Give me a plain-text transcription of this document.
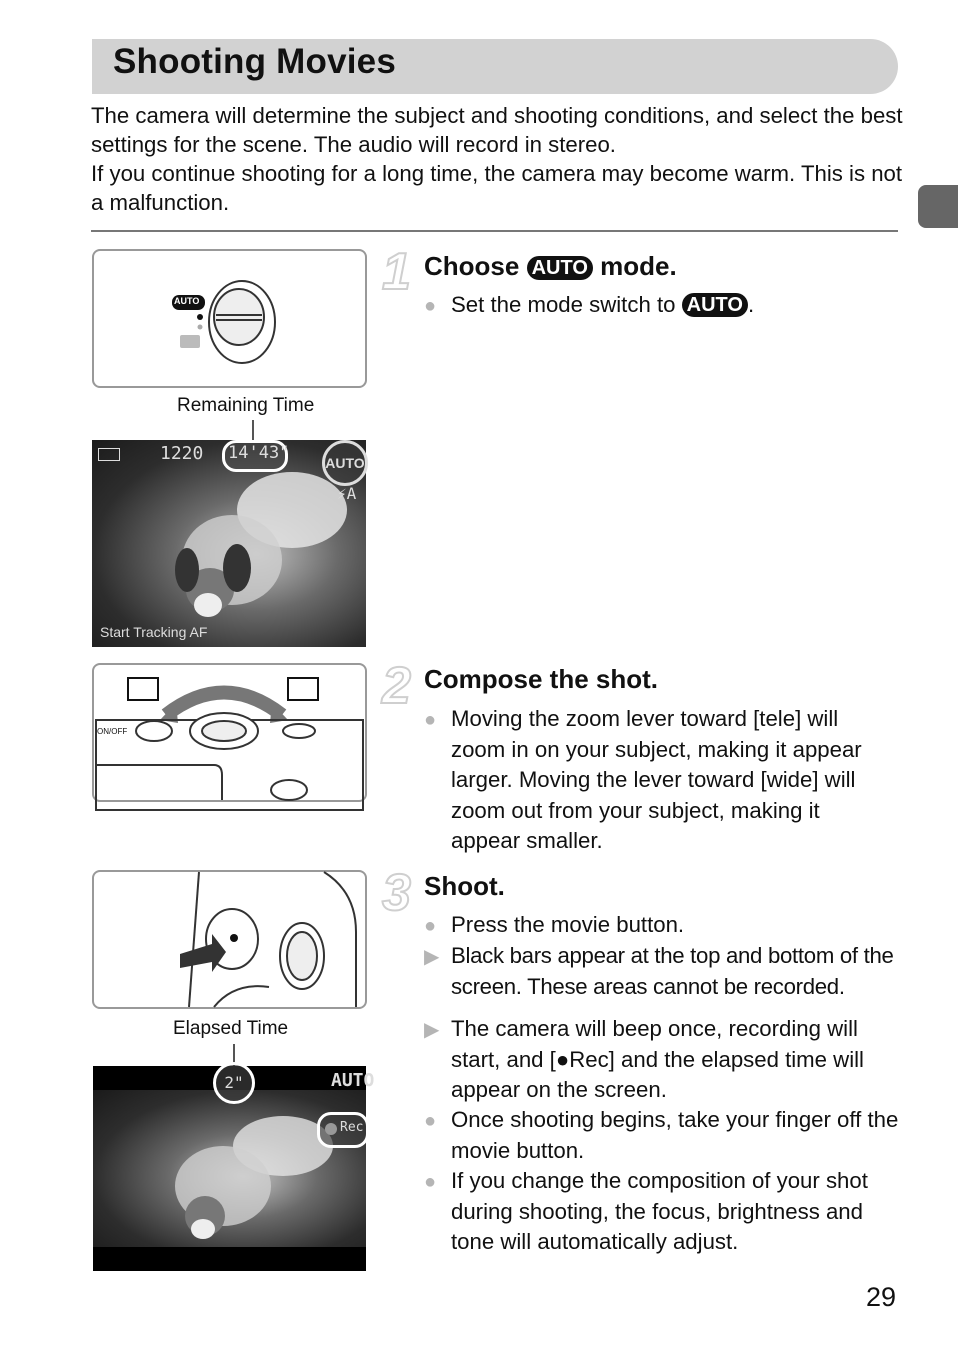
Shooting Movies
The camera will determine the subject and shooting conditions, and select the best settings for the scene. The audio will record in stereo.
If you continue shooting for a long time, the camera may become warm. This is not a malfunction.
AUTO
Remaining Time
1220 14'43"	AUTO
⚡A
Start Tracking AF
ON/OFF
Elapsed Time
2"	AUTO
Rec
1 Choose AUTO mode.
● Set the mode switch to AUTO .
2 Compose the shot.
● Moving the zoom lever toward [tele] will zoom in on your subject, making it appear larger. Moving the lever toward [wide] will zoom out from your subject, making it appear smaller.
3 Shoot.
● Press the movie button.
▶ Black bars appear at the top and bottom of the screen. These areas cannot be recorded.
▶ The camera will beep once, recording will start, and [●Rec] and the elapsed time will appear on the screen.
● Once shooting begins, take your finger off the movie button.
● If you change the composition of your shot during shooting, the focus, brightness and tone will automatically adjust.
29
